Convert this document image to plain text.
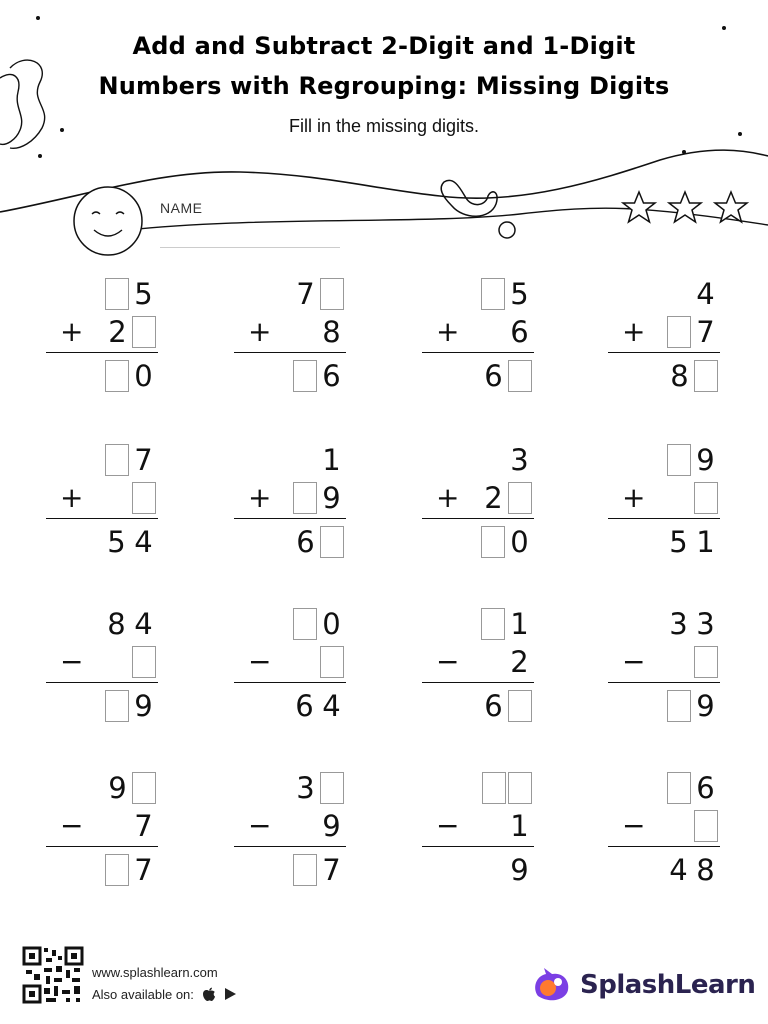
Add and Subtract 2-Digit and 1-Digit
Numbers with Regrouping: Missing Digits
Fill in the missing digits.
NAME
5
2
0
+
7
8
6
+
5
6
6
+
4
7
8
+
7
5 4
+
1
9
6
+
3
2
0
+
9
5 1
+
8 4
9
−
0
6 4
−
1
2
6
−
3 3
9
−
9
7
7
−
3
9
7
−	1
9
−
6
4 8
−
www.splashlearn.com
Also available on:	SplashLearn
